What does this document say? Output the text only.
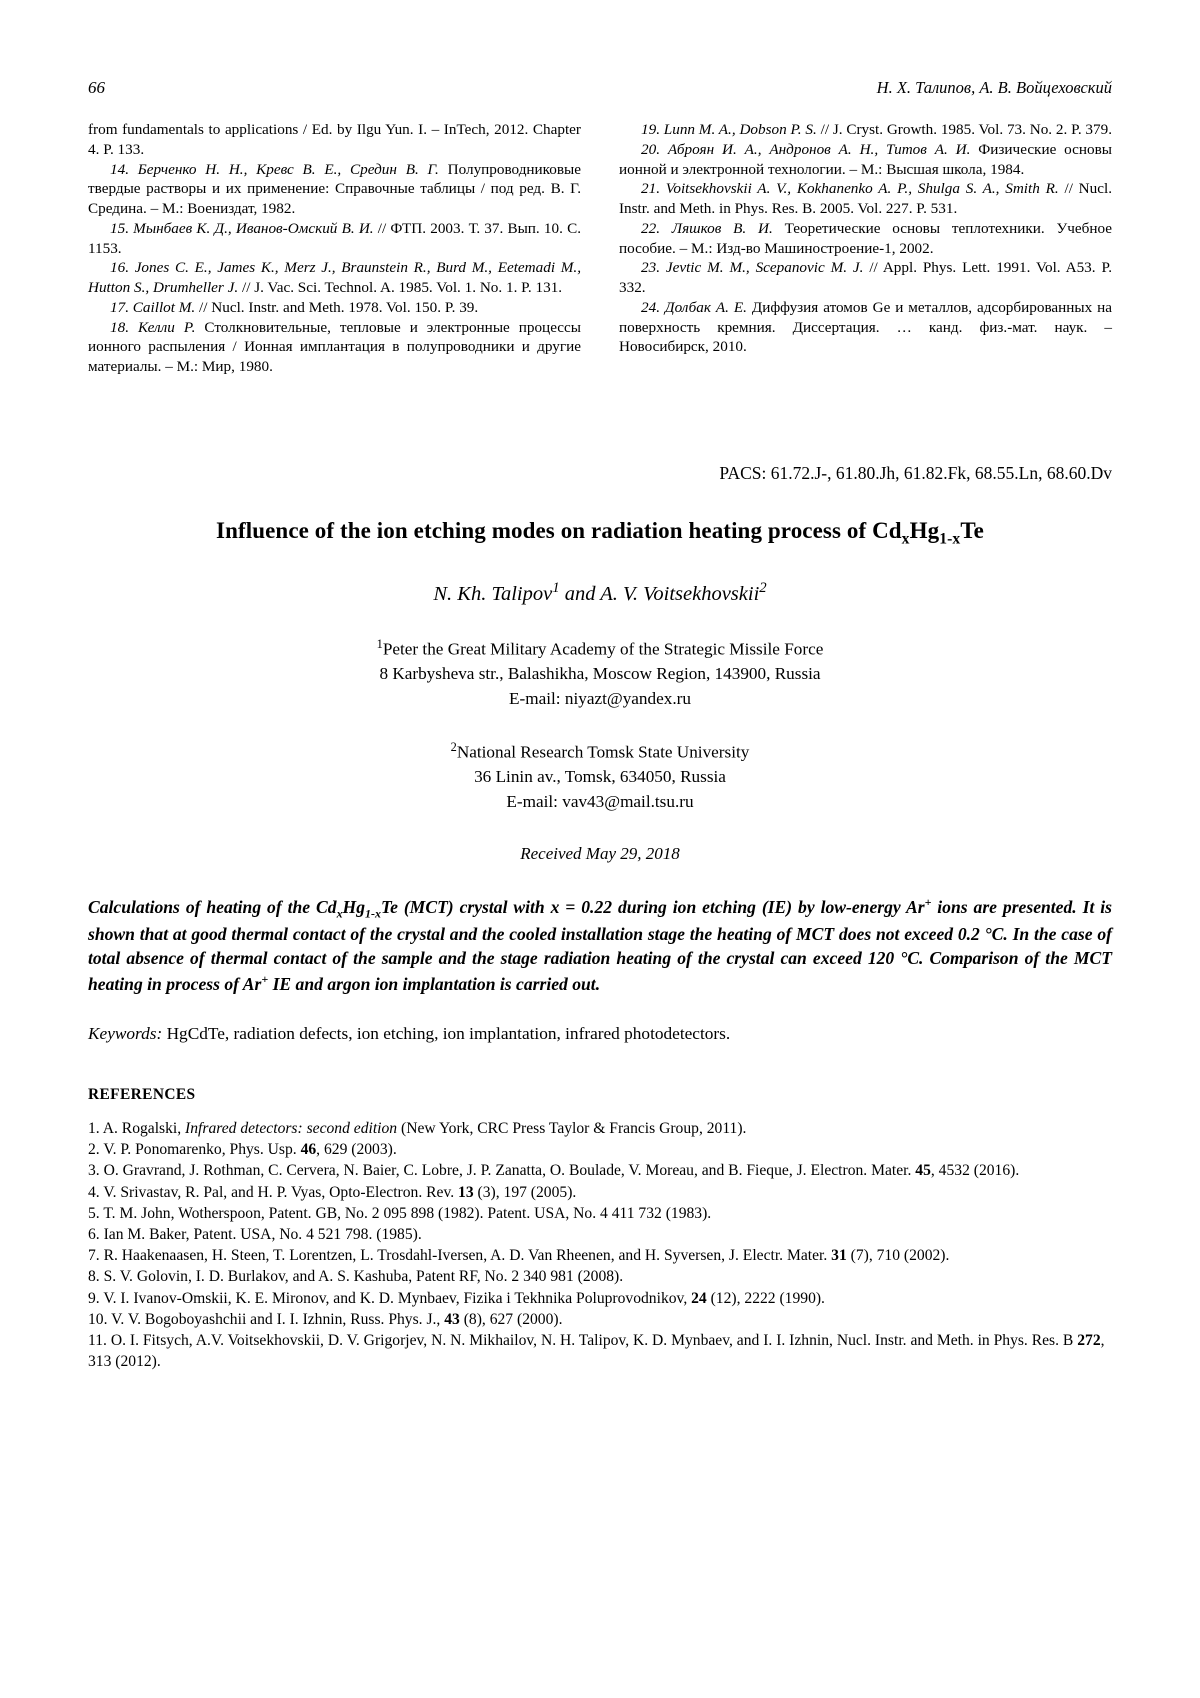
66	Н. Х. Талипов, А. В. Войцеховский

from fundamentals to applications / Ed. by Ilgu Yun. I. – InTech, 2012. Chapter 4. P. 133.

14. Берченко Н. Н., Кревс В. Е., Средин В. Г. Полупроводниковые твердые растворы и их применение: Справочные таблицы / под ред. В. Г. Средина. – М.: Воениздат, 1982.

15. Мынбаев К. Д., Иванов-Омский В. И. // ФТП. 2003. Т. 37. Вып. 10. С. 1153.

16. Jones C. E., James K., Merz J., Braunstein R., Burd M., Eetemadi M., Hutton S., Drumheller J. // J. Vac. Sci. Technol. A. 1985. Vol. 1. No. 1. P. 131.

17. Caillot M. // Nucl. Instr. and Meth. 1978. Vol. 150. P. 39.

18. Келли Р. Столкновительные, тепловые и электронные процессы ионного распыления / Ионная имплантация в полупроводники и другие материалы. – М.: Мир, 1980.

19. Lunn M. A., Dobson P. S. // J. Cryst. Growth. 1985. Vol. 73. No. 2. P. 379.

20. Аброян И. А., Андронов А. Н., Титов А. И. Физические основы ионной и электронной технологии. – М.: Высшая школа, 1984.

21. Voitsekhovskii A. V., Kokhanenko A. P., Shulga S. A., Smith R. // Nucl. Instr. and Meth. in Phys. Res. B. 2005. Vol. 227. P. 531.

22. Ляшков В. И. Теоретические основы теплотехники. Учебное пособие. – М.: Изд-во Машиностроение-1, 2002.

23. Jevtic M. M., Scepanovic M. J. // Appl. Phys. Lett. 1991. Vol. A53. P. 332.

24. Долбак А. Е. Диффузия атомов Ge и металлов, адсорбированных на поверхность кремния. Диссертация. … канд. физ.-мат. наук. – Новосибирск, 2010.

PACS: 61.72.J-, 61.80.Jh, 61.82.Fk, 68.55.Ln, 68.60.Dv
Influence of the ion etching modes on radiation heating process of $Cd_xHg_{1-x}Te$
N. Kh. Talipov$^1$ and A. V. Voitsekhovskii$^2$
$^1$Peter the Great Military Academy of the Strategic Missile Force
8 Karbysheva str., Balashikha, Moscow Region, 143900, Russia
E-mail: niyazt@yandex.ru
$^2$National Research Tomsk State University
36 Linin av., Tomsk, 634050, Russia
E-mail: vav43@mail.tsu.ru
Received May 29, 2018
Calculations of heating of the $Cd_xHg_{1-x}Te$ (MCT) crystal with x = 0.22 during ion etching (IE) by low-energy Ar+ ions are presented. It is shown that at good thermal contact of the crystal and the cooled installation stage the heating of MCT does not exceed 0.2 °C. In the case of total absence of thermal contact of the sample and the stage radiation heating of the crystal can exceed 120 °C. Comparison of the MCT heating in process of Ar+ IE and argon ion implantation is carried out.
Keywords: HgCdTe, radiation defects, ion etching, ion implantation, infrared photodetectors.
REFERENCES

1. A. Rogalski, Infrared detectors: second edition (New York, CRC Press Taylor & Francis Group, 2011).

2. V. P. Ponomarenko, Phys. Usp. 46, 629 (2003).

3. O. Gravrand, J. Rothman, C. Cervera, N. Baier, C. Lobre, J. P. Zanatta, O. Boulade, V. Moreau, and B. Fieque, J. Electron. Mater. 45, 4532 (2016).

4. V. Srivastav, R. Pal, and H. P. Vyas, Opto-Electron. Rev. 13 (3), 197 (2005).

5. T. M. John, Wotherspoon, Patent. GB, No. 2 095 898 (1982). Patent. USA, No. 4 411 732 (1983).

6. Ian M. Baker, Patent. USA, No. 4 521 798. (1985).

7. R. Haakenaasen, H. Steen, T. Lorentzen, L. Trosdahl-Iversen, A. D. Van Rheenen, and H. Syversen, J. Electr. Mater. 31 (7), 710 (2002).

8. S. V. Golovin, I. D. Burlakov, and A. S. Kashuba, Patent RF, No. 2 340 981 (2008).

9. V. I. Ivanov-Omskii, K. E. Mironov, and K. D. Mynbaev, Fizika i Tekhnika Poluprovodnikov, 24 (12), 2222 (1990).

10. V. V. Bogoboyashchii and I. I. Izhnin, Russ. Phys. J., 43 (8), 627 (2000).

11. O. I. Fitsych, A.V. Voitsekhovskii, D. V. Grigorjev, N. N. Mikhailov, N. H. Talipov, K. D. Mynbaev, and I. I. Izhnin, Nucl. Instr. and Meth. in Phys. Res. B 272, 313 (2012).
